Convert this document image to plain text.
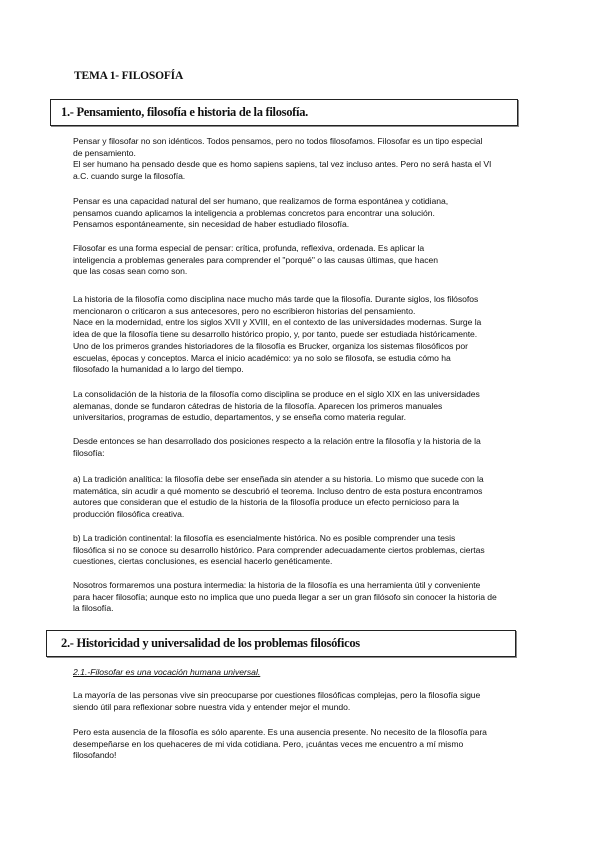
TEMA 1- FILOSOFÍA
1.- Pensamiento, filosofía e historia de la filosofía.
Pensar y filosofar no son idénticos. Todos pensamos, pero no todos filosofamos. Filosofar es un tipo especial
de pensamiento.
El ser humano ha pensado desde que es homo sapiens sapiens, tal vez incluso antes. Pero no será hasta el VI
a.C. cuando surge la filosofía.
Pensar es una capacidad natural del ser humano, que realizamos de forma espontánea y cotidiana,
pensamos cuando aplicamos la inteligencia a problemas concretos para encontrar una solución.
Pensamos espontáneamente, sin necesidad de haber estudiado filosofía.
Filosofar es una forma especial de pensar: crítica, profunda, reflexiva, ordenada. Es aplicar la
inteligencia a problemas generales para comprender el "porqué" o las causas últimas, que hacen
que las cosas sean como son.
La historia de la filosofía como disciplina nace mucho más tarde que la filosofía. Durante siglos, los filósofos
mencionaron o criticaron a sus antecesores, pero no escribieron historias del pensamiento.
Nace en la modernidad, entre los siglos XVII y XVIII, en el contexto de las universidades modernas. Surge la
idea de que la filosofía tiene su desarrollo histórico propio, y, por tanto, puede ser estudiada históricamente.
Uno de los primeros grandes historiadores de la filosofía es Brucker, organiza los sistemas filosóficos por
escuelas, épocas y conceptos. Marca el inicio académico: ya no solo se filosofa, se estudia cómo ha
filosofado la humanidad a lo largo del tiempo.
La consolidación de la historia de la filosofía como disciplina se produce en el siglo XIX en las universidades
alemanas, donde se fundaron cátedras de historia de la filosofía. Aparecen los primeros manuales
universitarios, programas de estudio, departamentos, y se enseña como materia regular.
Desde entonces se han desarrollado dos posiciones respecto a la relación entre la filosofía y la historia de la
filosofía:
a) La tradición analítica: la filosofía debe ser enseñada sin atender a su historia. Lo mismo que sucede con la
matemática, sin acudir a qué momento se descubrió el teorema. Incluso dentro de esta postura encontramos
autores que consideran que el estudio de la historia de la filosofía produce un efecto pernicioso para la
producción filosófica creativa.
b) La tradición continental: la filosofía es esencialmente histórica. No es posible comprender una tesis
filosófica si no se conoce su desarrollo histórico. Para comprender adecuadamente ciertos problemas, ciertas
cuestiones, ciertas conclusiones, es esencial hacerlo genéticamente.
Nosotros formaremos una postura intermedia: la historia de la filosofía es una herramienta útil y conveniente
para hacer filosofía; aunque esto no implica que uno pueda llegar a ser un gran filósofo sin conocer la historia de
la filosofía.
2.- Historicidad y universalidad de los problemas filosóficos
2.1.-Filosofar es una vocación humana universal.
La mayoría de las personas vive sin preocuparse por cuestiones filosóficas complejas, pero la filosofía sigue
siendo útil para reflexionar sobre nuestra vida y entender mejor el mundo.
Pero esta ausencia de la filosofía es sólo aparente. Es una ausencia presente. No necesito de la filosofía para
desempeñarse en los quehaceres de mi vida cotidiana. Pero, ¡cuántas veces me encuentro a mí mismo
filosofando!
